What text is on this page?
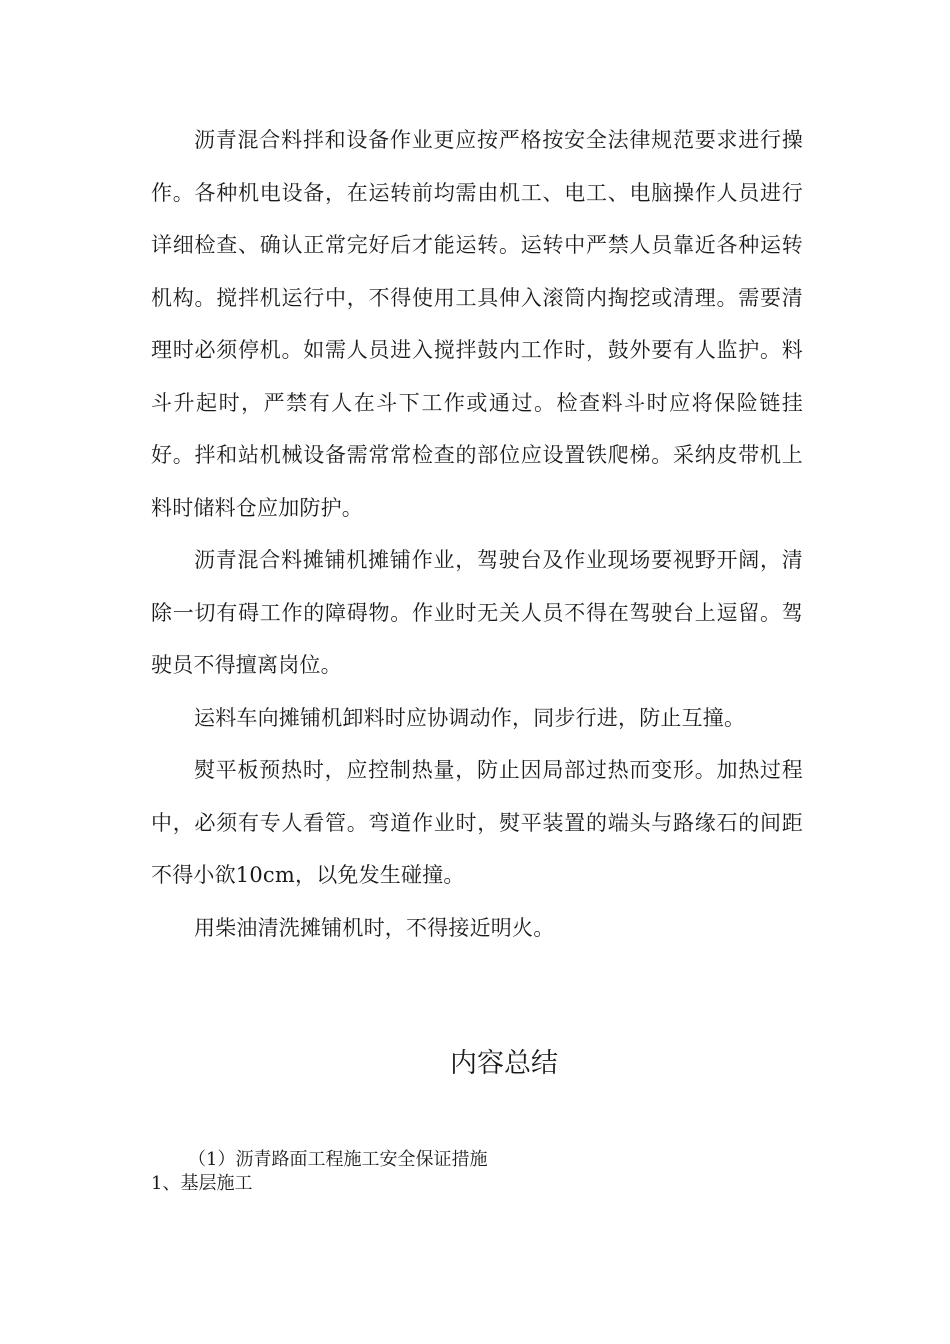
沥青混合料拌和设备作业更应按严格按安全法律规范要求进行操作。各种机电设备，在运转前均需由机工、电工、电脑操作人员进行详细检查、确认正常完好后才能运转。运转中严禁人员靠近各种运转机构。搅拌机运行中，不得使用工具伸入滚筒内掏挖或清理。需要清理时必须停机。如需人员进入搅拌鼓内工作时，鼓外要有人监护。料斗升起时，严禁有人在斗下工作或通过。检查料斗时应将保险链挂好。拌和站机械设备需常常检查的部位应设置铁爬梯。采纳皮带机上料时储料仓应加防护。

沥青混合料摊铺机摊铺作业，驾驶台及作业现场要视野开阔，清除一切有碍工作的障碍物。作业时无关人员不得在驾驶台上逗留。驾驶员不得擅离岗位。

运料车向摊铺机卸料时应协调动作，同步行进，防止互撞。

熨平板预热时，应控制热量，防止因局部过热而变形。加热过程中，必须有专人看管。弯道作业时，熨平装置的端头与路缘石的间距不得小欲10cm，以免发生碰撞。

用柴油清洗摊铺机时，不得接近明火。

内容总结
（1）沥青路面工程施工安全保证措施
1、基层施工
